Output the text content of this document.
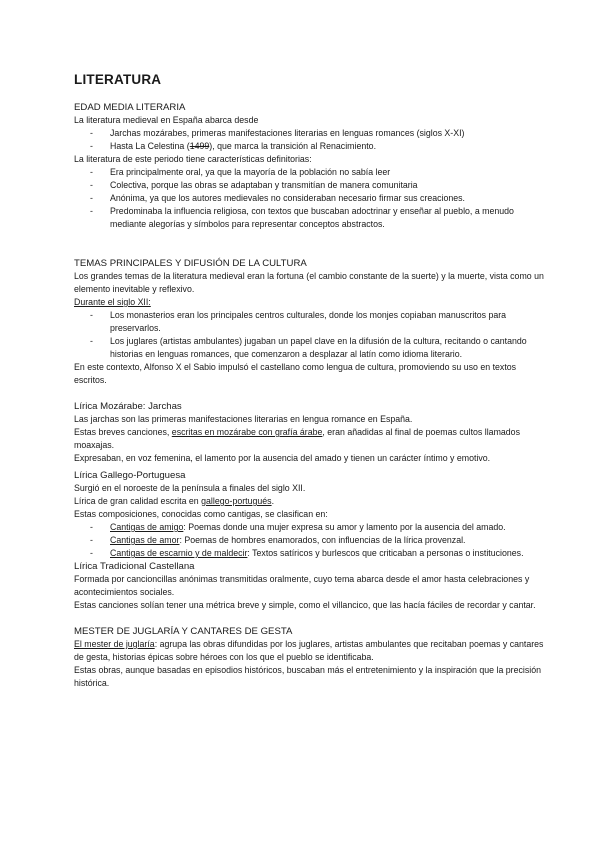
LITERATURA
EDAD MEDIA LITERARIA
La literatura medieval en España abarca desde
- Jarchas mozárabes, primeras manifestaciones literarias en lenguas romances (siglos X-XI)
- Hasta La Celestina (1499), que marca la transición al Renacimiento.
La literatura de este periodo tiene características definitorias:
- Era principalmente oral, ya que la mayoría de la población no sabía leer
- Colectiva, porque las obras se adaptaban y transmitían de manera comunitaria
- Anónima, ya que los autores medievales no consideraban necesario firmar sus creaciones.
- Predominaba la influencia religiosa, con textos que buscaban adoctrinar y enseñar al pueblo, a menudo mediante alegorías y símbolos para representar conceptos abstractos.
TEMAS PRINCIPALES Y DIFUSIÓN DE LA CULTURA
Los grandes temas de la literatura medieval eran la fortuna (el cambio constante de la suerte) y la muerte, vista como un elemento inevitable y reflexivo.
Durante el siglo XII:
- Los monasterios eran los principales centros culturales, donde los monjes copiaban manuscritos para preservarlos.
- Los juglares (artistas ambulantes) jugaban un papel clave en la difusión de la cultura, recitando o cantando historias en lenguas romances, que comenzaron a desplazar al latín como idioma literario.
En este contexto, Alfonso X el Sabio impulsó el castellano como lengua de cultura, promoviendo su uso en textos escritos.
Lírica Mozárabe: Jarchas
Las jarchas son las primeras manifestaciones literarias en lengua romance en España.
Estas breves canciones, escritas en mozárabe con grafía árabe, eran añadidas al final de poemas cultos llamados moaxajas.
Expresaban, en voz femenina, el lamento por la ausencia del amado y tienen un carácter íntimo y emotivo.
Lírica Gallego-Portuguesa
Surgió en el noroeste de la península a finales del siglo XII.
Lírica de gran calidad escrita en gallego-portugués.
Estas composiciones, conocidas como cantigas, se clasifican en:
- Cantigas de amigo: Poemas donde una mujer expresa su amor y lamento por la ausencia del amado.
- Cantigas de amor: Poemas de hombres enamorados, con influencias de la lírica provenzal.
- Cantigas de escarnio y de maldecir: Textos satíricos y burlescos que criticaban a personas o instituciones.
Lírica Tradicional Castellana
Formada por cancioncillas anónimas transmitidas oralmente, cuyo tema abarca desde el amor hasta celebraciones y acontecimientos sociales.
Estas canciones solían tener una métrica breve y simple, como el villancico, que las hacía fáciles de recordar y cantar.
MESTER DE JUGLARÍA Y CANTARES DE GESTA
El mester de juglaría: agrupa las obras difundidas por los juglares, artistas ambulantes que recitaban poemas y cantares de gesta, historias épicas sobre héroes con los que el pueblo se identificaba.
Estas obras, aunque basadas en episodios históricos, buscaban más el entretenimiento y la inspiración que la precisión histórica.
